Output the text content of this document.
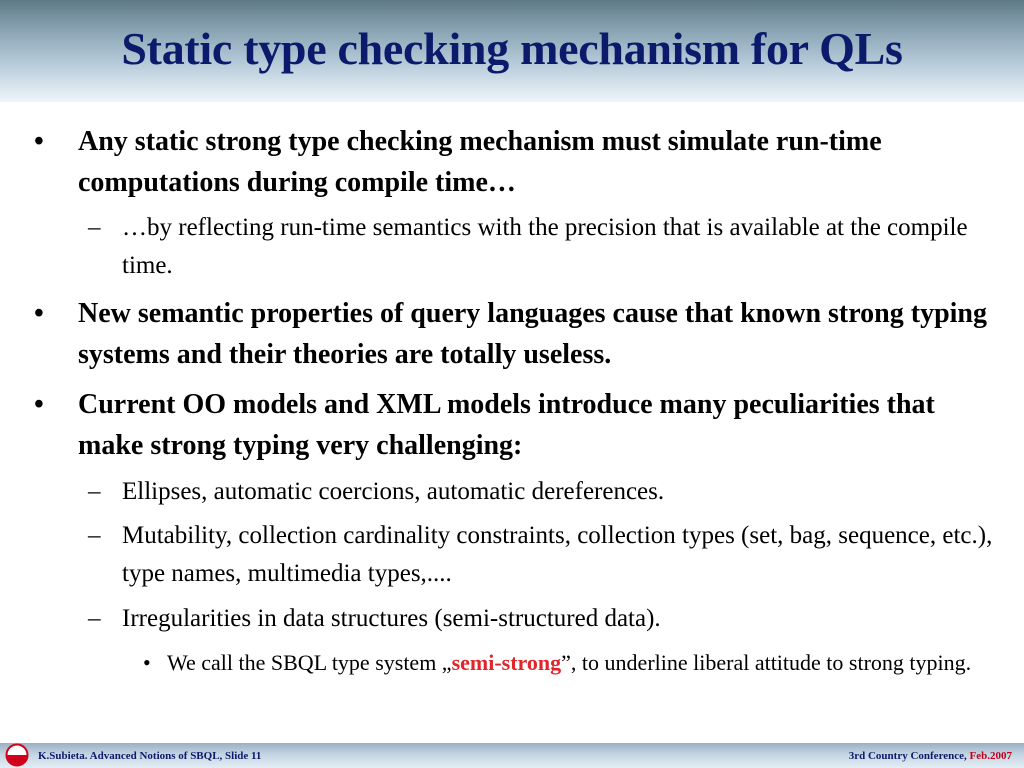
Static type checking mechanism for QLs
• Any static strong type checking mechanism must simulate run-time computations during compile time…
– …by reflecting run-time semantics with the precision that is available at the compile time.
• New semantic properties of query languages cause that known strong typing systems and their theories are totally useless.
• Current OO models and XML models introduce many peculiarities that make strong typing very challenging:
– Ellipses, automatic coercions, automatic dereferences.
– Mutability, collection cardinality constraints, collection types (set, bag, sequence, etc.), type names, multimedia types,....
– Irregularities in data structures (semi-structured data).
• We call the SBQL type system „semi-strong”, to underline liberal attitude to strong typing.
K.Subieta. Advanced Notions of SBQL, Slide 11	3rd Country Conference, Feb.2007
